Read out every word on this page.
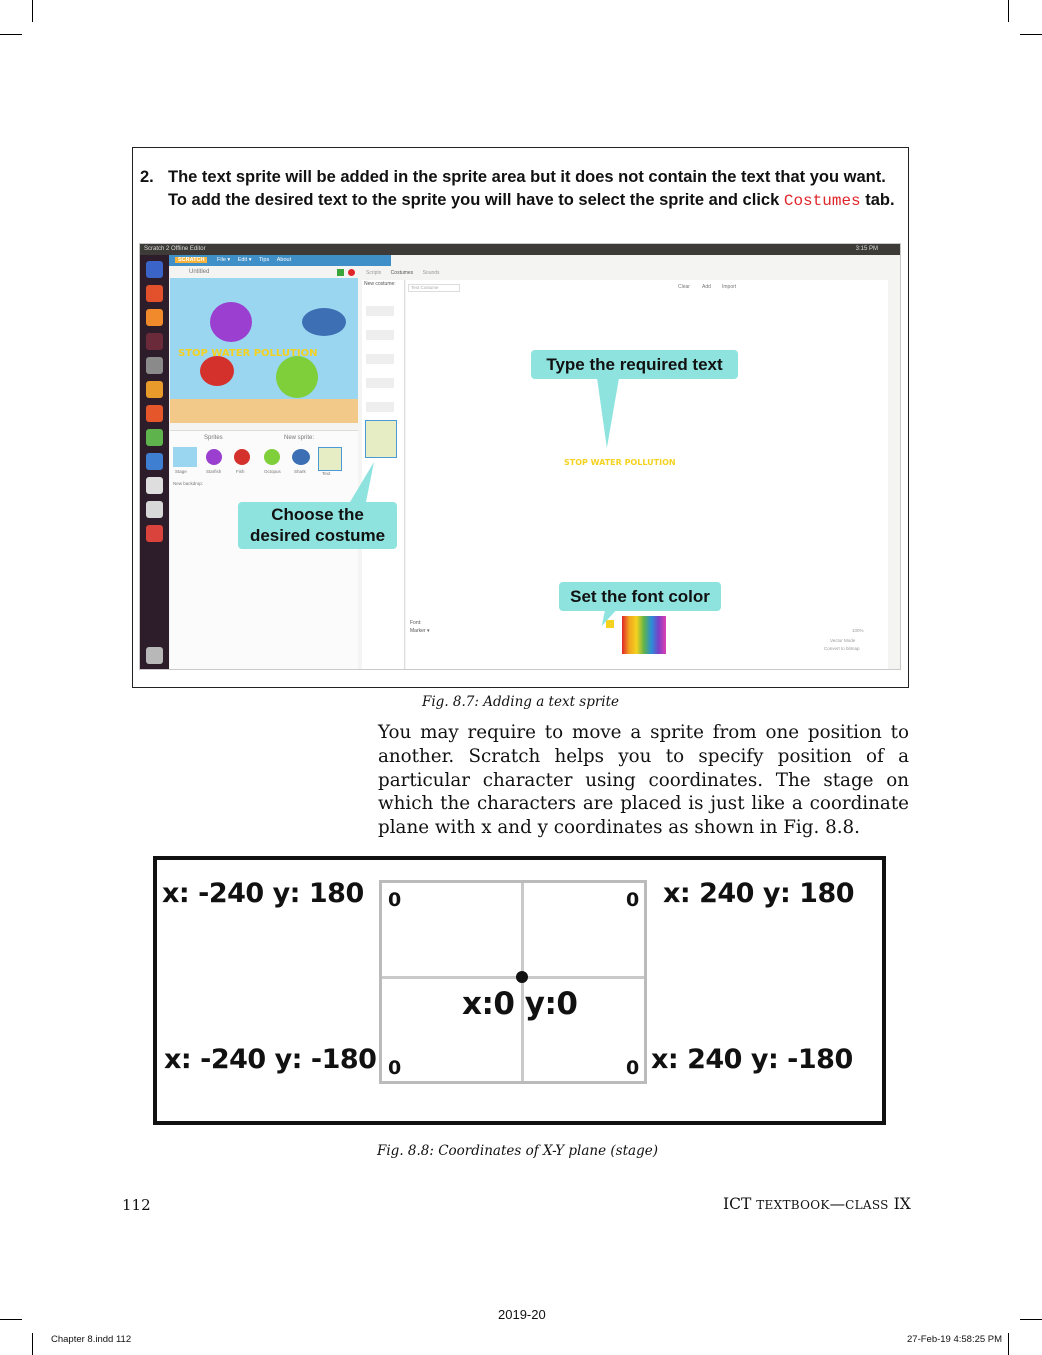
2. The text sprite will be added in the sprite area but it does not contain the text that you want. To add the desired text to the sprite you will have to select the sprite and click Costumes tab.
Scratch 2 Offline Editor	3:15 PM
SCRATCH File ▾ Edit ▾ Tips About
Untitled
STOP WATER POLLUTION
Sprites	New sprite:
Stage	Starfish	Fish	Octopus	Shark	Text
New backdrop:
Scripts Costumes Sounds
New costume:
Text Costume	Clear Add Import
STOP WATER POLLUTION
Font:
Marker ▾	100%
Vector Mode
Convert to bitmap
Type the required text
Choose the
desired costume
Set the font color
Fig. 8.7: Adding a text sprite
You may require to move a sprite from one position to another. Scratch helps you to specify position of a particular character using coordinates. The stage on which the characters are placed is just like a coordinate plane with x and y coordinates as shown in Fig. 8.8.
x: -240 y: 180	x: 240 y: 180
x: -240 y: -180	x: 240 y: -180
0	0
0	0
x:0 y:0
Fig. 8.8: Coordinates of X-Y plane (stage)
112	ICT TEXTBOOK—CLASS IX
2019-20
Chapter 8.indd 112	27-Feb-19 4:58:25 PM
